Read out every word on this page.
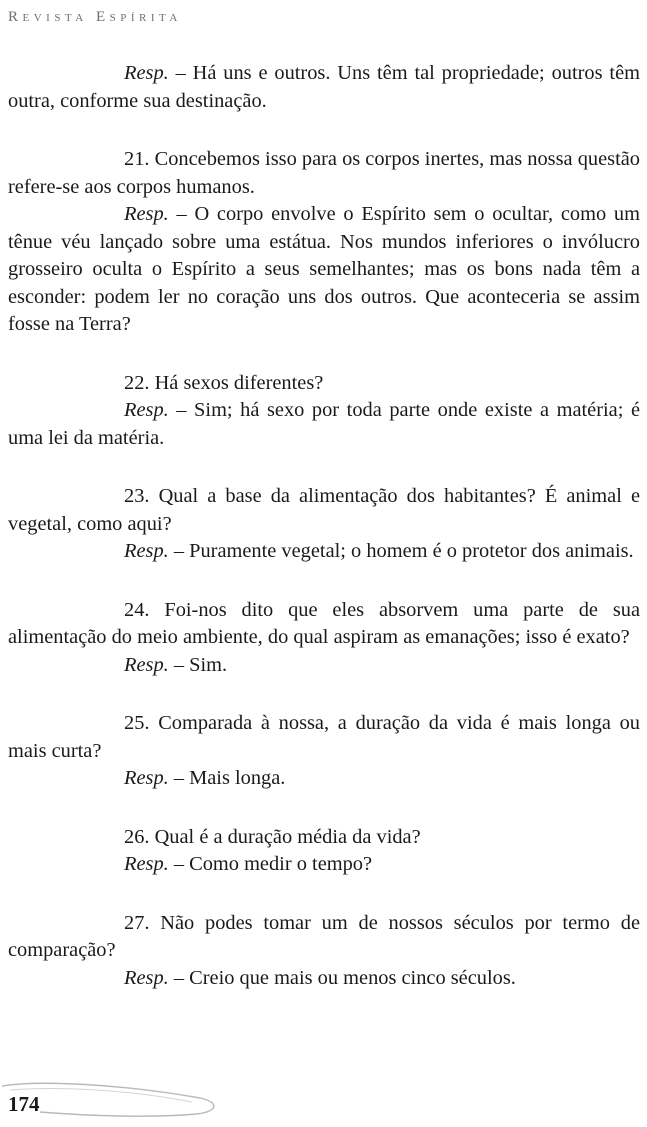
Revista Espírita

Resp. – Há uns e outros. Uns têm tal propriedade; outros têm outra, conforme sua destinação.

21. Concebemos isso para os corpos inertes, mas nossa questão refere-se aos corpos humanos.

Resp. – O corpo envolve o Espírito sem o ocultar, como um tênue véu lançado sobre uma estátua. Nos mundos inferiores o invólucro grosseiro oculta o Espírito a seus semelhantes; mas os bons nada têm a esconder: podem ler no coração uns dos outros. Que aconteceria se assim fosse na Terra?

22. Há sexos diferentes?

Resp. – Sim; há sexo por toda parte onde existe a matéria; é uma lei da matéria.

23. Qual a base da alimentação dos habitantes? É animal e vegetal, como aqui?

Resp. – Puramente vegetal; o homem é o protetor dos animais.

24. Foi-nos dito que eles absorvem uma parte de sua alimentação do meio ambiente, do qual aspiram as emanações; isso é exato?

Resp. – Sim.

25. Comparada à nossa, a duração da vida é mais longa ou mais curta?

Resp. – Mais longa.

26. Qual é a duração média da vida?

Resp. – Como medir o tempo?

27. Não podes tomar um de nossos séculos por termo de comparação?

Resp. – Creio que mais ou menos cinco séculos.

174
